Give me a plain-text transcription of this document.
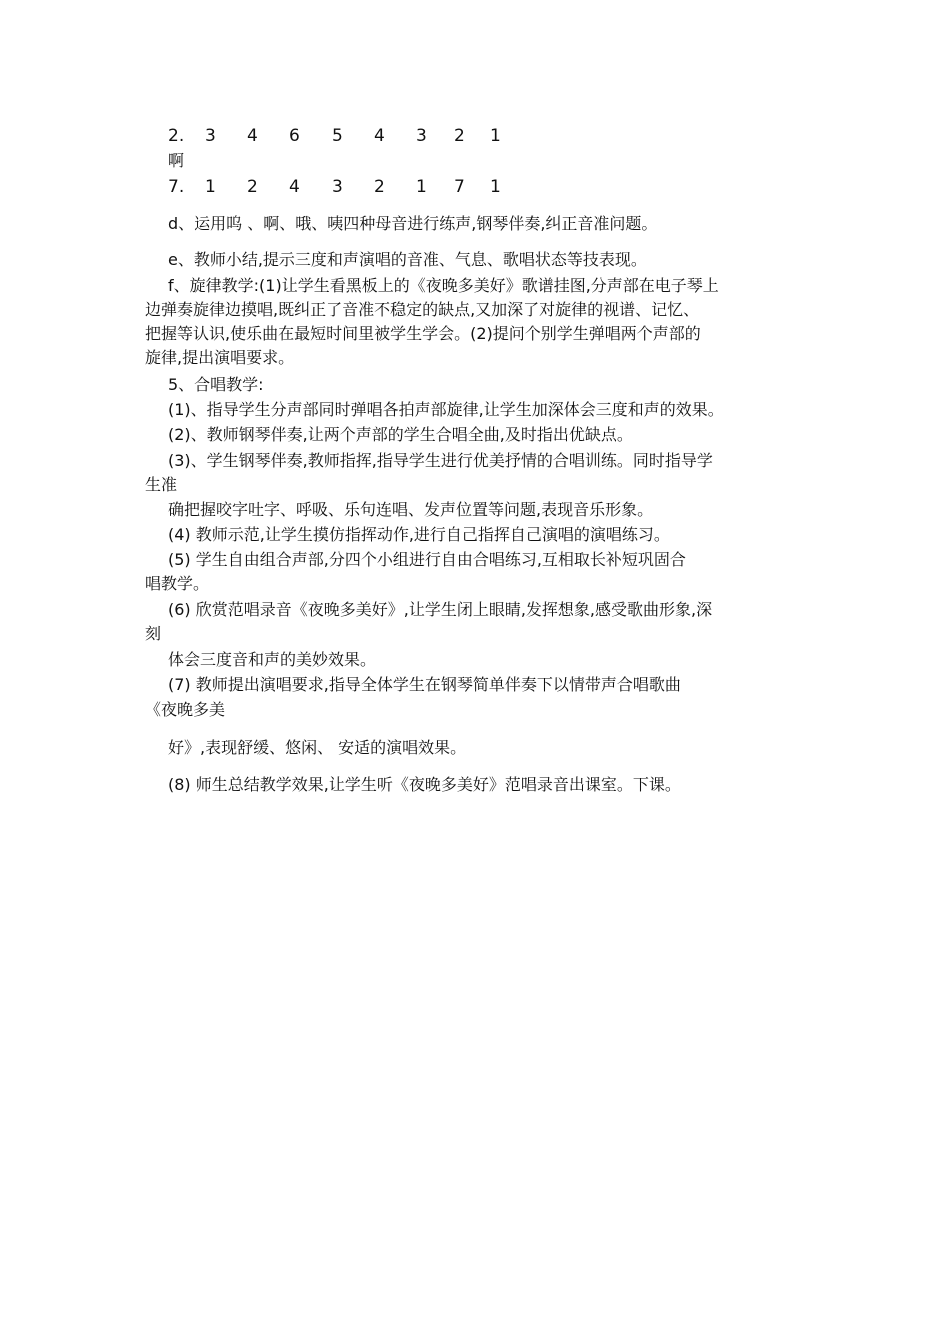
2. 3 4 6 5 4 3 2 1
啊
7. 1 2 4 3 2 1 7 1
d、运用呜 、啊、哦、咦四种母音进行练声,钢琴伴奏,纠正音准问题。
e、教师小结,提示三度和声演唱的音准、气息、歌唱状态等技表现。
f、旋律教学:(1)让学生看黑板上的《夜晚多美好》歌谱挂图,分声部在电子琴上
边弹奏旋律边摸唱,既纠正了音准不稳定的缺点,又加深了对旋律的视谱、记忆、
把握等认识,使乐曲在最短时间里被学生学会。(2)提问个别学生弹唱两个声部的
旋律,提出演唱要求。
5、合唱教学:
(1)、指导学生分声部同时弹唱各拍声部旋律,让学生加深体会三度和声的效果。
(2)、教师钢琴伴奏,让两个声部的学生合唱全曲,及时指出优缺点。
(3)、学生钢琴伴奏,教师指挥,指导学生进行优美抒情的合唱训练。同时指导学
生准
确把握咬字吐字、呼吸、乐句连唱、发声位置等问题,表现音乐形象。
(4) 教师示范,让学生摸仿指挥动作,进行自己指挥自己演唱的演唱练习。
(5) 学生自由组合声部,分四个小组进行自由合唱练习,互相取长补短巩固合
唱教学。
(6) 欣赏范唱录音《夜晚多美好》,让学生闭上眼睛,发挥想象,感受歌曲形象,深
刻
体会三度音和声的美妙效果。
(7) 教师提出演唱要求,指导全体学生在钢琴简单伴奏下以情带声合唱歌曲
《夜晚多美
好》,表现舒缓、悠闲、 安适的演唱效果。
(8) 师生总结教学效果,让学生听《夜晚多美好》范唱录音出课室。下课。
